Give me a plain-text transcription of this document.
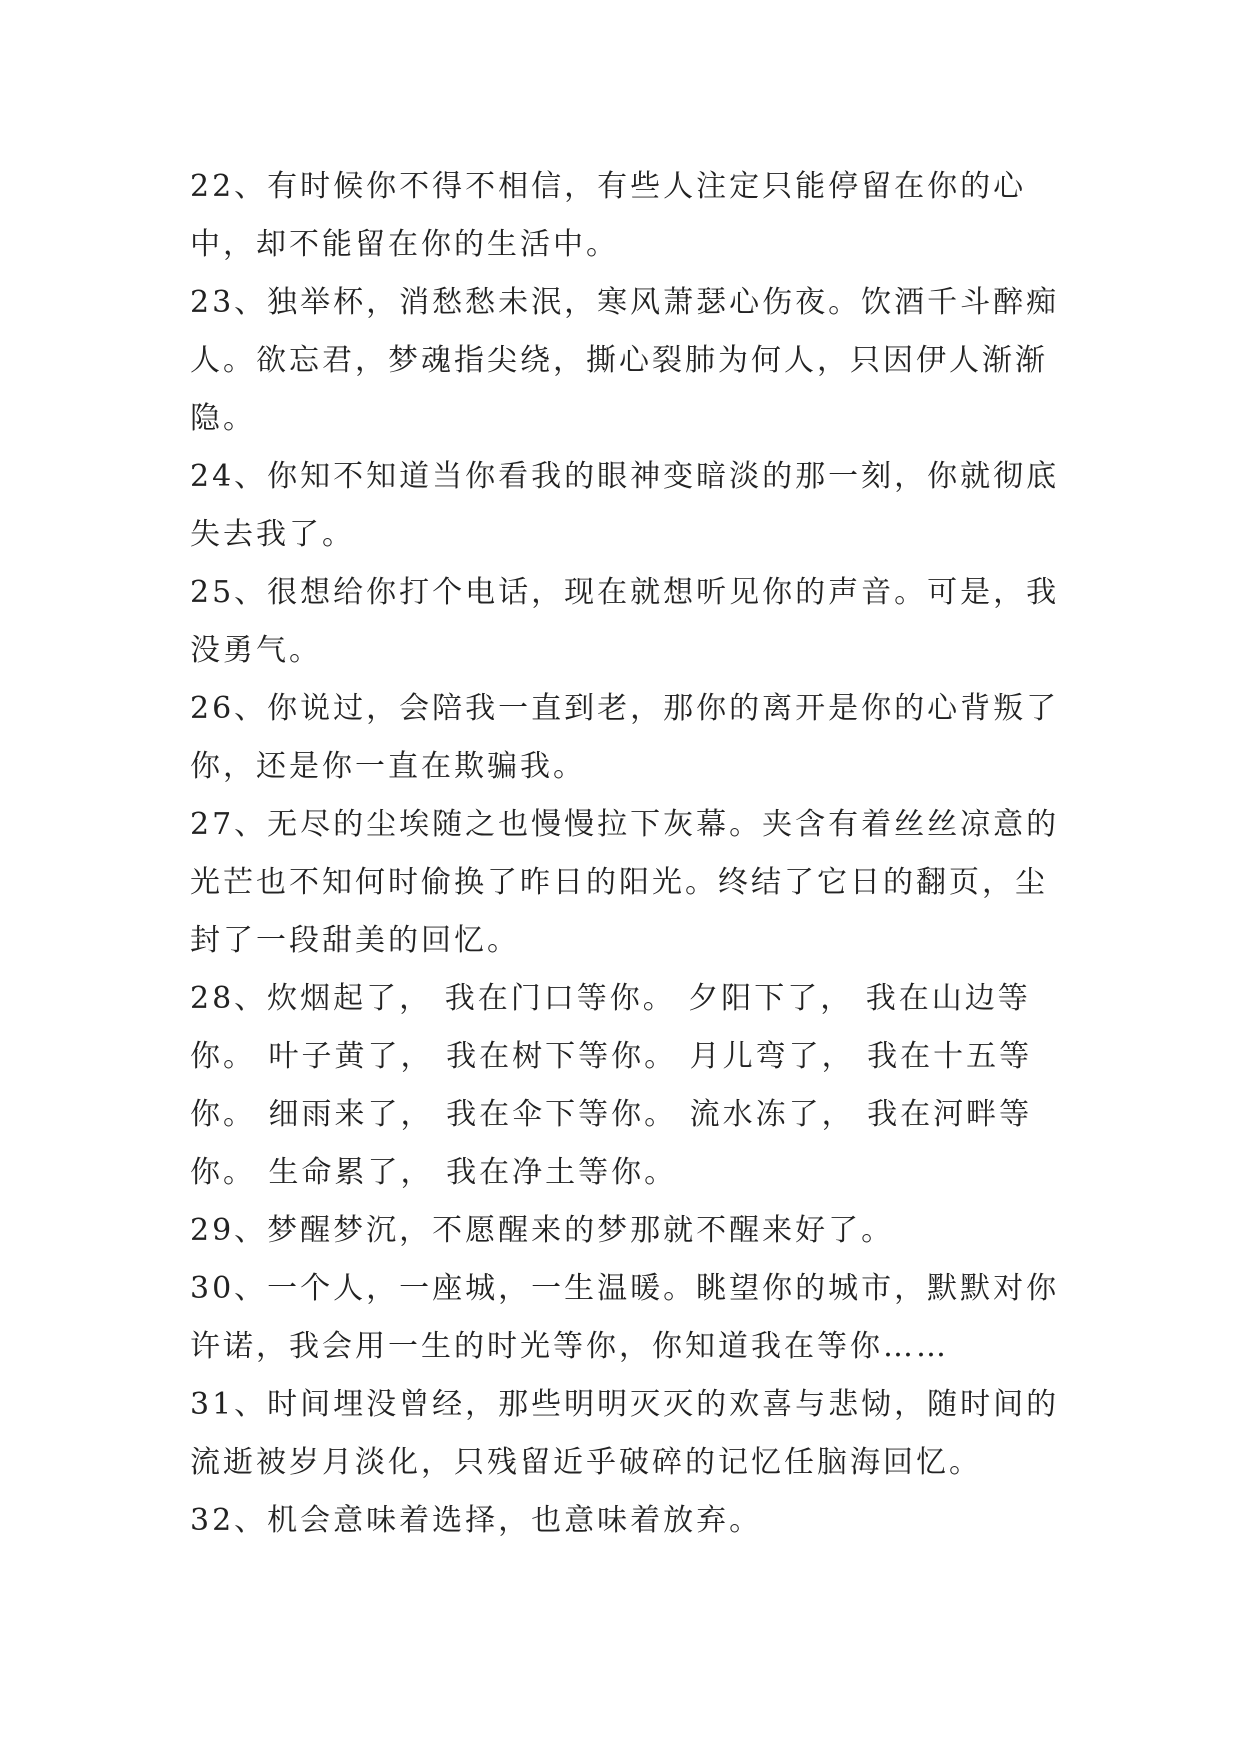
22、有时候你不得不相信，有些人注定只能停留在你的心中，却不能留在你的生活中。

23、独举杯，消愁愁未泯，寒风萧瑟心伤夜。饮酒千斗醉痴人。欲忘君，梦魂指尖绕，撕心裂肺为何人，只因伊人渐渐隐。

24、你知不知道当你看我的眼神变暗淡的那一刻，你就彻底失去我了。

25、很想给你打个电话，现在就想听见你的声音。可是，我没勇气。

26、你说过，会陪我一直到老，那你的离开是你的心背叛了你，还是你一直在欺骗我。

27、无尽的尘埃随之也慢慢拉下灰幕。夹含有着丝丝凉意的光芒也不知何时偷换了昨日的阳光。终结了它日的翻页，尘封了一段甜美的回忆。

28、炊烟起了， 我在门口等你。 夕阳下了， 我在山边等你。 叶子黄了， 我在树下等你。 月儿弯了， 我在十五等你。 细雨来了， 我在伞下等你。 流水冻了， 我在河畔等你。 生命累了， 我在净土等你。

29、梦醒梦沉，不愿醒来的梦那就不醒来好了。

30、一个人，一座城，一生温暖。眺望你的城市，默默对你许诺，我会用一生的时光等你，你知道我在等你……

31、时间埋没曾经，那些明明灭灭的欢喜与悲恸，随时间的流逝被岁月淡化，只残留近乎破碎的记忆任脑海回忆。

32、机会意味着选择，也意味着放弃。
